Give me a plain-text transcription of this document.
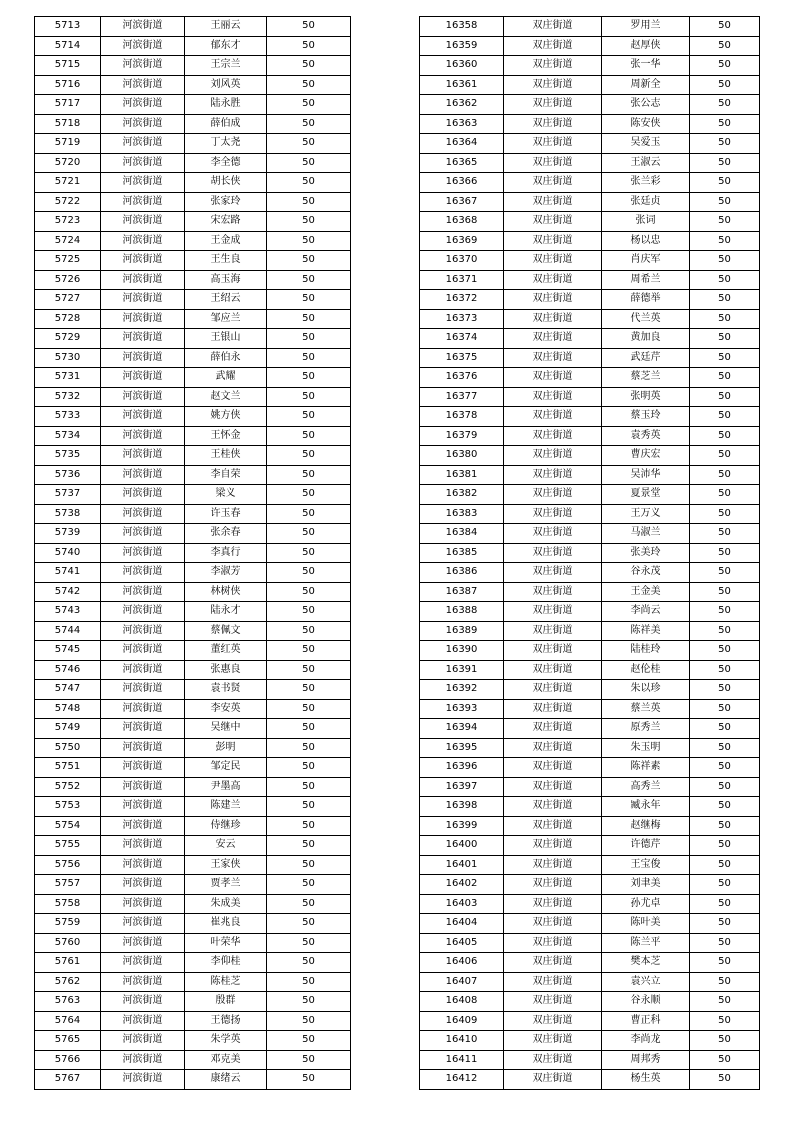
5713	河滨街道	王丽云	50
5714	河滨街道	郁东才	50
5715	河滨街道	王宗兰	50
5716	河滨街道	刘风英	50
5717	河滨街道	陆永胜	50
5718	河滨街道	薛伯成	50
5719	河滨街道	丁太尧	50
5720	河滨街道	李全德	50
5721	河滨街道	胡长侠	50
5722	河滨街道	张家玲	50
5723	河滨街道	宋宏路	50
5724	河滨街道	王金成	50
5725	河滨街道	王生良	50
5726	河滨街道	高玉海	50
5727	河滨街道	王绍云	50
5728	河滨街道	邹应兰	50
5729	河滨街道	王银山	50
5730	河滨街道	薛伯永	50
5731	河滨街道	武耀	50
5732	河滨街道	赵文兰	50
5733	河滨街道	姚方侠	50
5734	河滨街道	王怀金	50
5735	河滨街道	王桂侠	50
5736	河滨街道	李自荣	50
5737	河滨街道	梁义	50
5738	河滨街道	许玉春	50
5739	河滨街道	张余春	50
5740	河滨街道	李真行	50
5741	河滨街道	李淑芳	50
5742	河滨街道	林树侠	50
5743	河滨街道	陆永才	50
5744	河滨街道	蔡佩文	50
5745	河滨街道	董红英	50
5746	河滨街道	张惠良	50
5747	河滨街道	袁书贤	50
5748	河滨街道	李安英	50
5749	河滨街道	吴继中	50
5750	河滨街道	彭明	50
5751	河滨街道	邹定民	50
5752	河滨街道	尹墨高	50
5753	河滨街道	陈建兰	50
5754	河滨街道	侍继珍	50
5755	河滨街道	安云	50
5756	河滨街道	王家侠	50
5757	河滨街道	贾孝兰	50
5758	河滨街道	朱成美	50
5759	河滨街道	崔兆良	50
5760	河滨街道	叶荣华	50
5761	河滨街道	李仰桂	50
5762	河滨街道	陈桂芝	50
5763	河滨街道	殷群	50
5764	河滨街道	王德扬	50
5765	河滨街道	朱学英	50
5766	河滨街道	邓克美	50
5767	河滨街道	康绪云	50
16358	双庄街道	罗用兰	50
16359	双庄街道	赵厚侠	50
16360	双庄街道	张一华	50
16361	双庄街道	周新全	50
16362	双庄街道	张公志	50
16363	双庄街道	陈安侠	50
16364	双庄街道	吴爱玉	50
16365	双庄街道	王淑云	50
16366	双庄街道	张兰彩	50
16367	双庄街道	张廷贞	50
16368	双庄街道	张词	50
16369	双庄街道	杨以忠	50
16370	双庄街道	肖庆军	50
16371	双庄街道	周希兰	50
16372	双庄街道	薛德举	50
16373	双庄街道	代兰英	50
16374	双庄街道	黄加良	50
16375	双庄街道	武廷芹	50
16376	双庄街道	蔡芝兰	50
16377	双庄街道	张明英	50
16378	双庄街道	蔡玉玲	50
16379	双庄街道	袁秀英	50
16380	双庄街道	曹庆宏	50
16381	双庄街道	吴沛华	50
16382	双庄街道	夏景堂	50
16383	双庄街道	王万义	50
16384	双庄街道	马淑兰	50
16385	双庄街道	张美玲	50
16386	双庄街道	谷永茂	50
16387	双庄街道	王金美	50
16388	双庄街道	李尚云	50
16389	双庄街道	陈祥美	50
16390	双庄街道	陆桂玲	50
16391	双庄街道	赵伦桂	50
16392	双庄街道	朱以珍	50
16393	双庄街道	蔡兰英	50
16394	双庄街道	原秀兰	50
16395	双庄街道	朱玉明	50
16396	双庄街道	陈祥素	50
16397	双庄街道	高秀兰	50
16398	双庄街道	臧永年	50
16399	双庄街道	赵继梅	50
16400	双庄街道	许德芹	50
16401	双庄街道	王宝俊	50
16402	双庄街道	刘聿美	50
16403	双庄街道	孙尤卓	50
16404	双庄街道	陈叶美	50
16405	双庄街道	陈兰平	50
16406	双庄街道	樊本芝	50
16407	双庄街道	袁兴立	50
16408	双庄街道	谷永顺	50
16409	双庄街道	曹正科	50
16410	双庄街道	李尚龙	50
16411	双庄街道	周邦秀	50
16412	双庄街道	杨生英	50
